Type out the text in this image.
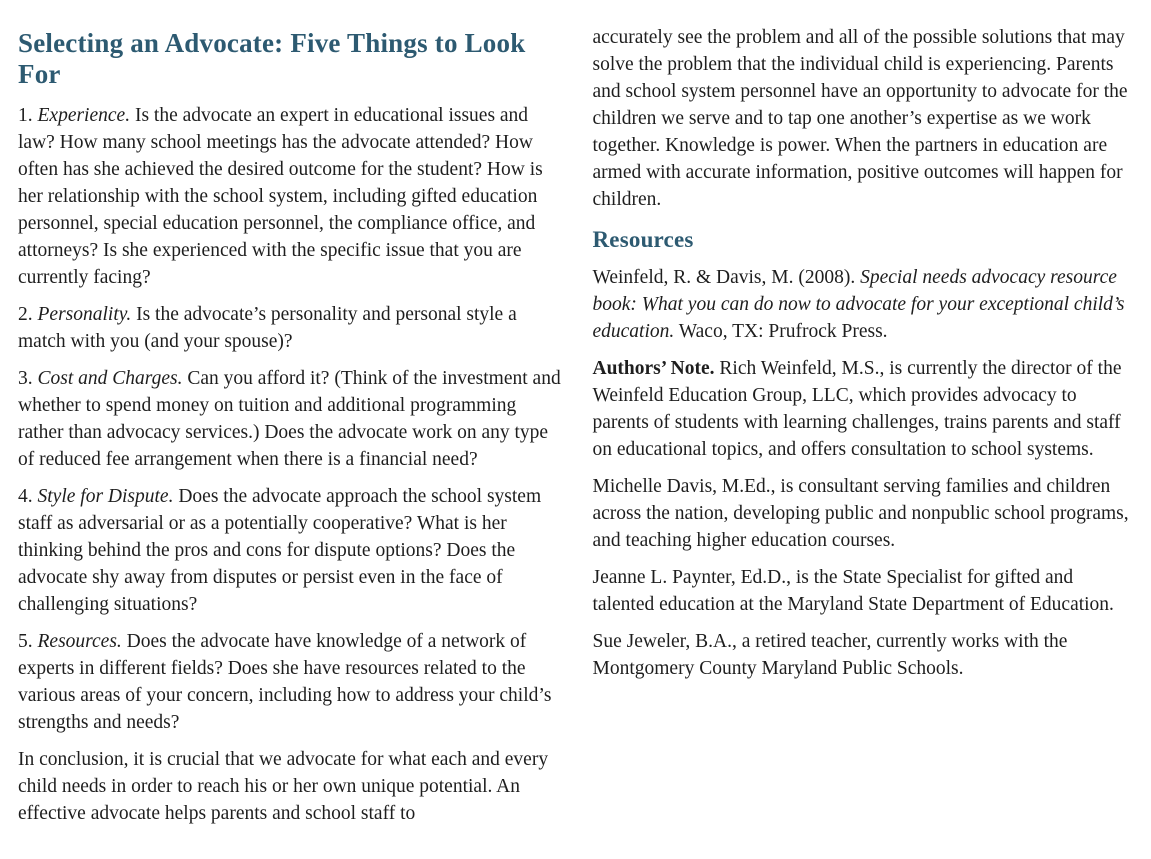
Selecting an Advocate: Five Things to Look For

1. Experience. Is the advocate an expert in educational issues and law? How many school meetings has the advocate attended? How often has she achieved the desired outcome for the student? How is her relationship with the school system, including gifted education personnel, special education personnel, the compliance office, and attorneys? Is she experienced with the specific issue that you are currently facing?

2. Personality. Is the advocate’s personality and personal style a match with you (and your spouse)?

3. Cost and Charges. Can you afford it? (Think of the investment and whether to spend money on tuition and additional programming rather than advocacy services.) Does the advocate work on any type of reduced fee arrangement when there is a financial need?

4. Style for Dispute. Does the advocate approach the school system staff as adversarial or as a potentially cooperative? What is her thinking behind the pros and cons for dispute options? Does the advocate shy away from disputes or persist even in the face of challenging situations?

5. Resources. Does the advocate have knowledge of a network of experts in different fields? Does she have resources related to the various areas of your concern, including how to address your child’s strengths and needs?

In conclusion, it is crucial that we advocate for what each and every child needs in order to reach his or her own unique potential. An effective advocate helps parents and school staff to

accurately see the problem and all of the possible solutions that may solve the problem that the individual child is experiencing. Parents and school system personnel have an opportunity to advocate for the children we serve and to tap one another’s expertise as we work together. Knowledge is power. When the partners in education are armed with accurate information, positive outcomes will happen for children.

Resources

Weinfeld, R. & Davis, M. (2008). Special needs advocacy resource book: What you can do now to advocate for your exceptional child’s education. Waco, TX: Prufrock Press.

Authors’ Note. Rich Weinfeld, M.S., is currently the director of the Weinfeld Education Group, LLC, which provides advocacy to parents of students with learning challenges, trains parents and staff on educational topics, and offers consultation to school systems.

Michelle Davis, M.Ed., is consultant serving families and children across the nation, developing public and nonpublic school programs, and teaching higher education courses.

Jeanne L. Paynter, Ed.D., is the State Specialist for gifted and talented education at the Maryland State Department of Education.

Sue Jeweler, B.A., a retired teacher, currently works with the Montgomery County Maryland Public Schools.
